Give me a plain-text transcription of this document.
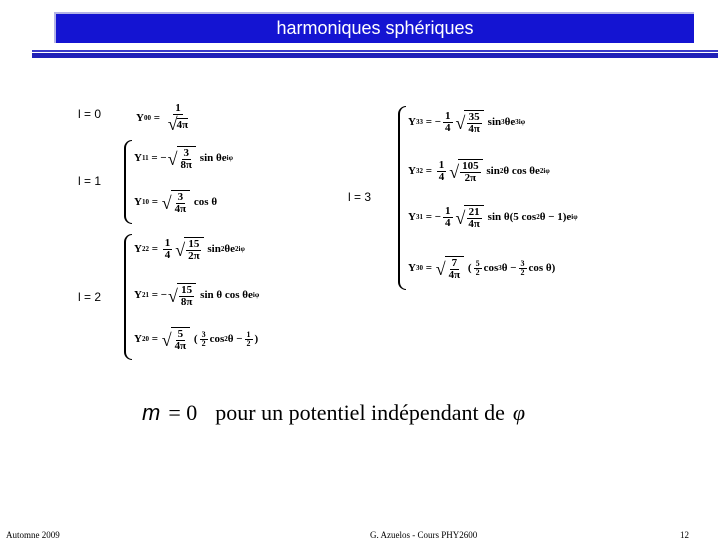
harmoniques sphériques
l = 0
l = 1
l = 2
l = 3
Y $00 = \frac{1}{√ 4\pi}$
Y 11 = − √ $\frac{3}{8\pi}$ sin θe iφ
Y 10 = √ $\frac{3}{4\pi}$ cos θ
Y $22 = \frac{1}{4}$ √ $\frac{15}{2\pi}$ sin 2 θe 2iφ
Y 21 = − √ $\frac{15}{8\pi}$ sin θ cos θe iφ
Y 20 = √ $\frac{5}{4\pi}$ ( $\frac{3}{2}$ cos 2 $\theta - \frac{1}{2}$ )
Y 33 = − $\frac{1}{4}$ √ $\frac{35}{4\pi}$ sin 3 θe 3iφ
Y $32 = \frac{1}{4}$ √ $\frac{105}{2\pi}$ sin 2 θ cos θe 2iφ
Y 31 = − $\frac{1}{4}$ √ $\frac{21}{4\pi}$ sin θ(5 cos 2 θ − 1)e iφ
Y 30 = √ $\frac{7}{4\pi}$ ( $\frac{5}{2}$ cos 3 $\theta - \frac{3}{2}$ cos θ)
m = 0 pour un potentiel indépendant de φ
Automne 2009	G. Azuelos - Cours PHY2600	12
